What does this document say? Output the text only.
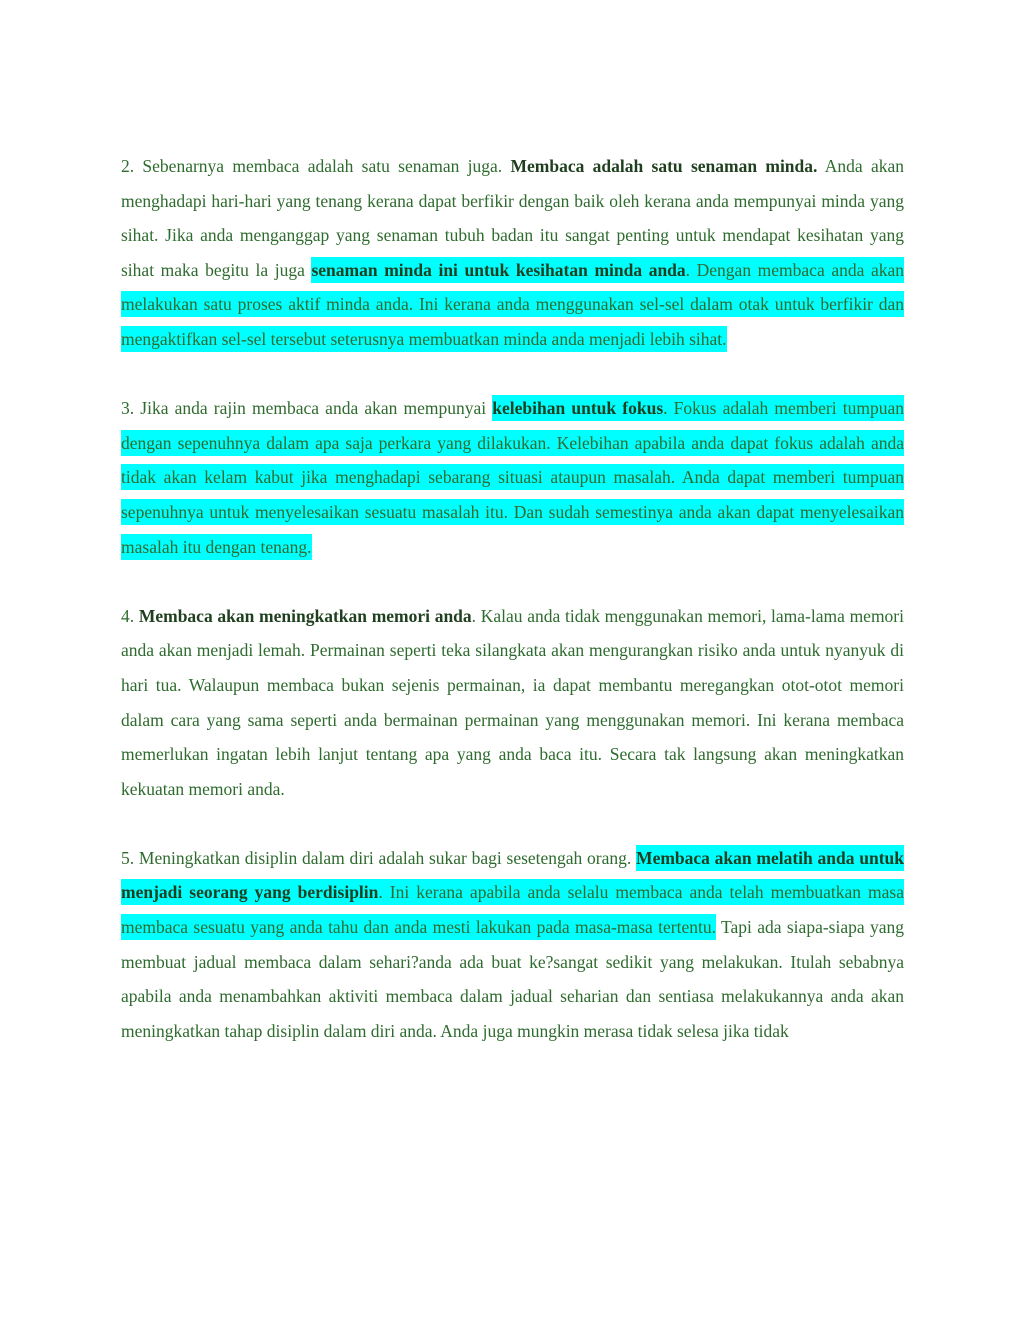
2. Sebenarnya membaca adalah satu senaman juga. Membaca adalah satu senaman minda. Anda akan menghadapi hari-hari yang tenang kerana dapat berfikir dengan baik oleh kerana anda mempunyai minda yang sihat. Jika anda menganggap yang senaman tubuh badan itu sangat penting untuk mendapat kesihatan yang sihat maka begitu la juga senaman minda ini untuk kesihatan minda anda. Dengan membaca anda akan melakukan satu proses aktif minda anda. Ini kerana anda menggunakan sel-sel dalam otak untuk berfikir dan mengaktifkan sel-sel tersebut seterusnya membuatkan minda anda menjadi lebih sihat.

3. Jika anda rajin membaca anda akan mempunyai kelebihan untuk fokus. Fokus adalah memberi tumpuan dengan sepenuhnya dalam apa saja perkara yang dilakukan. Kelebihan apabila anda dapat fokus adalah anda tidak akan kelam kabut jika menghadapi sebarang situasi ataupun masalah. Anda dapat memberi tumpuan sepenuhnya untuk menyelesaikan sesuatu masalah itu. Dan sudah semestinya anda akan dapat menyelesaikan masalah itu dengan tenang.

4. Membaca akan meningkatkan memori anda. Kalau anda tidak menggunakan memori, lama-lama memori anda akan menjadi lemah. Permainan seperti teka silangkata akan mengurangkan risiko anda untuk nyanyuk di hari tua. Walaupun membaca bukan sejenis permainan, ia dapat membantu meregangkan otot-otot memori dalam cara yang sama seperti anda bermainan permainan yang menggunakan memori. Ini kerana membaca memerlukan ingatan lebih lanjut tentang apa yang anda baca itu. Secara tak langsung akan meningkatkan kekuatan memori anda.

5. Meningkatkan disiplin dalam diri adalah sukar bagi sesetengah orang. Membaca akan melatih anda untuk menjadi seorang yang berdisiplin. Ini kerana apabila anda selalu membaca anda telah membuatkan masa membaca sesuatu yang anda tahu dan anda mesti lakukan pada masa-masa tertentu. Tapi ada siapa-siapa yang membuat jadual membaca dalam sehari?anda ada buat ke?sangat sedikit yang melakukan. Itulah sebabnya apabila anda menambahkan aktiviti membaca dalam jadual seharian dan sentiasa melakukannya anda akan meningkatkan tahap disiplin dalam diri anda. Anda juga mungkin merasa tidak selesa jika tidak
